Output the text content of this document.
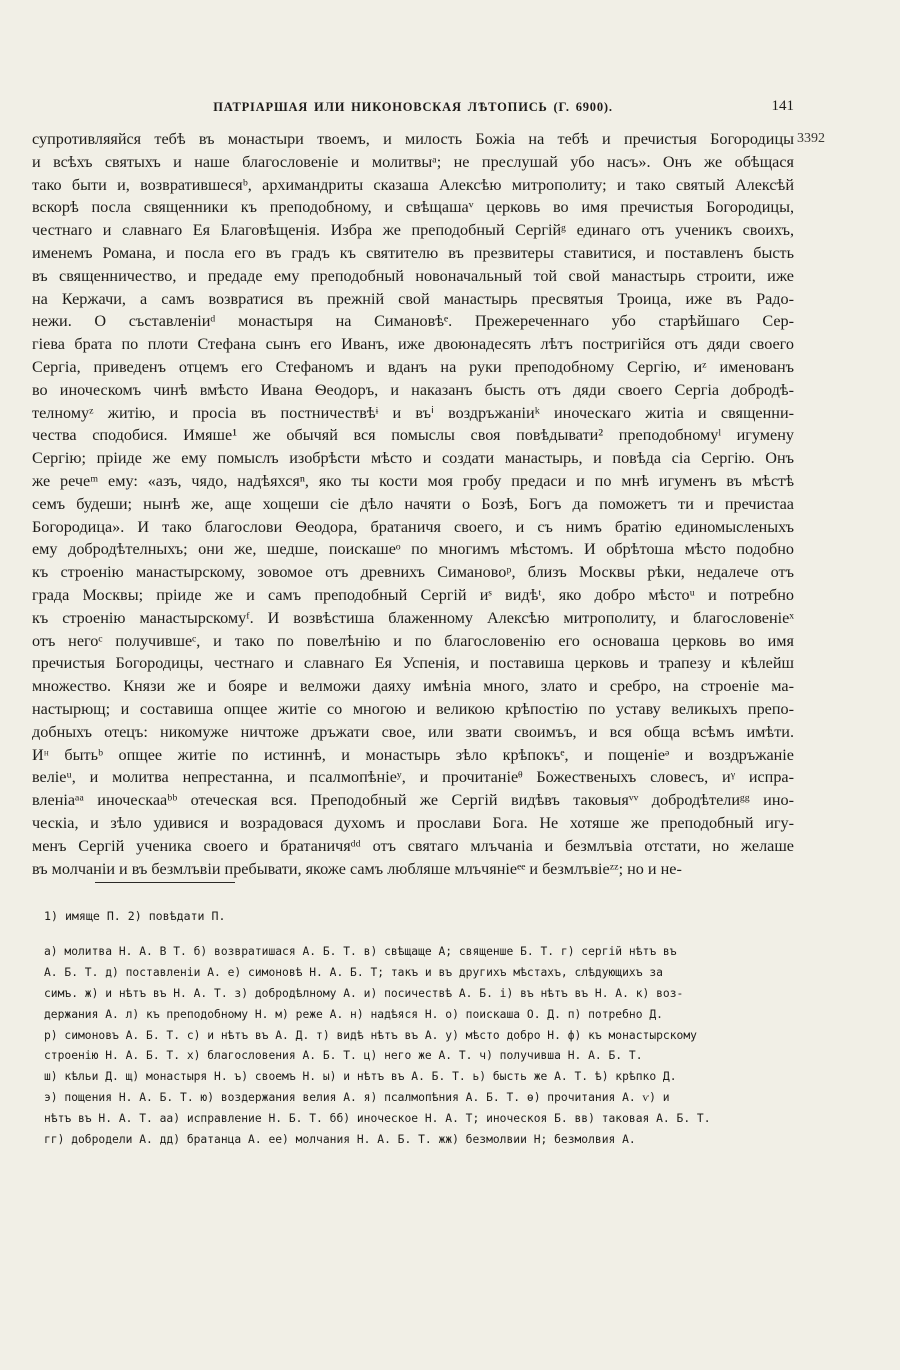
ПАТРІАРШАЯ ИЛИ НИКОНОВСКАЯ ЛѢТОПИСЬ (Г. 6900).	141
3392
супротивляяйся тебѣ въ монастыри твоемъ, и милость Божіа на тебѣ и пречистыя Богородицы
и всѣхъ святыхъ и наше благословеніе и молитвыᵃ; не преслушай убо насъ». Онъ же обѣщася
тако быти и, возвратившесяᵇ, архимандриты сказаша Алексѣю митрополиту; и тако святый Алексѣй
вскорѣ посла священники къ преподобному, и свѣщашаᵛ церковь во имя пречистыя Богородицы,
честнаго и славнаго Ея Благовѣщенія. Избра же преподобный Сергійᵍ единаго отъ ученикъ своихъ,
именемъ Романа, и посла его въ градъ къ святителю въ презвитеры ставитися, и поставленъ бысть
въ священничество, и предаде ему преподобный новоначальный той свой манастырь строити, иже
на Кержачи, а самъ возвратися въ прежній свой манастырь пресвятыя Троица, иже въ Радо-
нежи. О съставленіиᵈ монастыря на Симановѣᵉ. Прежереченнаго убо старѣйшаго Сер-
гіева брата по плоти Стефана сынъ его Иванъ, иже двоюнадесять лѣтъ постригійся отъ дяди своего
Сергіа, приведенъ отцемъ его Стефаномъ и вданъ на руки преподобному Сергію, иᶻ именованъ
во иноческомъ чинѣ вмѣсто Ивана Ѳеодоръ, и наказанъ бысть отъ дяди своего Сергіа добродѣ-
телномуᶻ житію, и просіа въ постничествѣᶤ и въⁱ воздръжаніиᵏ иноческаго житіа и священни-
чества сподобися. Имяше¹ же обычяй вся помыслы своя повѣдывати² преподобномуˡ игумену
Сергію; пріиде же ему помыслъ изобрѣсти мѣсто и создати манастырь, и повѣда сіа Сергію. Онъ
же речеᵐ ему: «азъ, чядо, надѣяхсяⁿ, яко ты кости моя гробу предаси и по мнѣ игуменъ въ мѣстѣ
семъ будеши; нынѣ же, аще хощеши сіе дѣло начяти о Бозѣ, Богъ да поможетъ ти и пречистаа
Богородица». И тако благослови Ѳеодора, братаничя своего, и съ нимъ братію единомысленыхъ
ему добродѣтелныхъ; они же, шедше, поискашеᵒ по многимъ мѣстомъ. И обрѣтоша мѣсто подобно
къ строенію манастырскому, зовомое отъ древнихъ Симановоᵖ, близъ Москвы рѣки, недалече отъ
града Москвы; пріиде же и самъ преподобный Сергій иˢ видѣᵗ, яко добро мѣстоᵘ и потребно
къ строенію манастырскомуᶠ. И возвѣстиша блаженному Алексѣю митрополиту, и благословеніеˣ
отъ негоᶜ получившеᶜ, и тако по повелѣнію и по благословенію его основаша церковь во имя
пречистыя Богородицы, честнаго и славнаго Ея Успенія, и поставиша церковь и трапезу и кѣлейш
множество. Князи же и бояре и велможи даяху имѣніа много, злато и сребро, на строеніе ма-
настырющ; и составиша опщее житіе со многою и великою крѣпостію по уставу великыхъ препо-
добныхъ отецъ: никомуже ничтоже дръжати свое, или звати своимъъ, и вся обща всѣмъ имѣти.
Иᵸ бытьᵇ опщее житіе по истиннѣ, и монастырь зѣло крѣпокъᵉ, и пощеніеᵊ и воздръжаніе
веліеᵘ, и молитва непрестанна, и псалмопѣніеʸ, и прочитаніеᶿ Божественыхъ словесъ, иᵞ испра-
вленіаᵃᵃ иноческааᵇᵇ отеческая вся. Преподобный же Сергій видѣвъ таковыяᵛᵛ добродѣтелиᵍᵍ ино-
ческіа, и зѣло удивися и возрадовася духомъ и прослави Бога. Не хотяше же преподобный игу-
менъ Сергій ученика своего и братаничяᵈᵈ отъ святаго млъчаніа и безмлъвіа отстати, но желаше
въ молчаніи и въ безмлъвіи пребывати, якоже самъ любляше млъчяніеᵉᵉ и безмлъвіеᶻᶻ; но и не-
1) имяще П. 2) повѣдати П.
а) молитва Н. А. В Т. б) возвратишася А. Б. Т. в) свѣщаще А; священше Б. Т. г) сергій нѣтъ въ
А. Б. Т. д) поставленіи А. е) симоновѣ Н. А. Б. Т; такъ и въ другихъ мѣстахъ, слѣдующихъ за
симъ. ж) и нѣтъ въ Н. А. Т. з) добродѣлному А. и) посичествѣ А. Б. і) въ нѣтъ въ Н. А. к) воз-
держания А. л) къ преподобному Н. м) реже А. н) надѣяся Н. о) поискаша О. Д. п) потребно Д.
р) симоновъ А. Б. Т. с) и нѣтъ въ А. Д. т) видѣ нѣтъ въ А. у) мѣсто добро Н. ф) къ монастырскому
строенію Н. А. Б. Т. х) благословения А. Б. Т. ц) него же А. Т. ч) получивша Н. А. Б. Т.
ш) кѣльи Д. щ) монастыря Н. ъ) своемъ Н. ы) и нѣтъ въ А. Б. Т. ь) бысть же А. Т. ѣ) крѣпко Д.
э) пощения Н. А. Б. Т. ю) воздержания велия А. я) псалмопѣния А. Б. Т. ѳ) прочитания А. ѵ) и
нѣтъ въ Н. А. Т. аа) исправление Н. Б. Т. бб) иноческое Н. А. Т; иноческоя Б. вв) таковая А. Б. Т.
гг) добродели А. дд) братанца А. ее) молчания Н. А. Б. Т. жж) безмолвии Н; безмолвия А.
